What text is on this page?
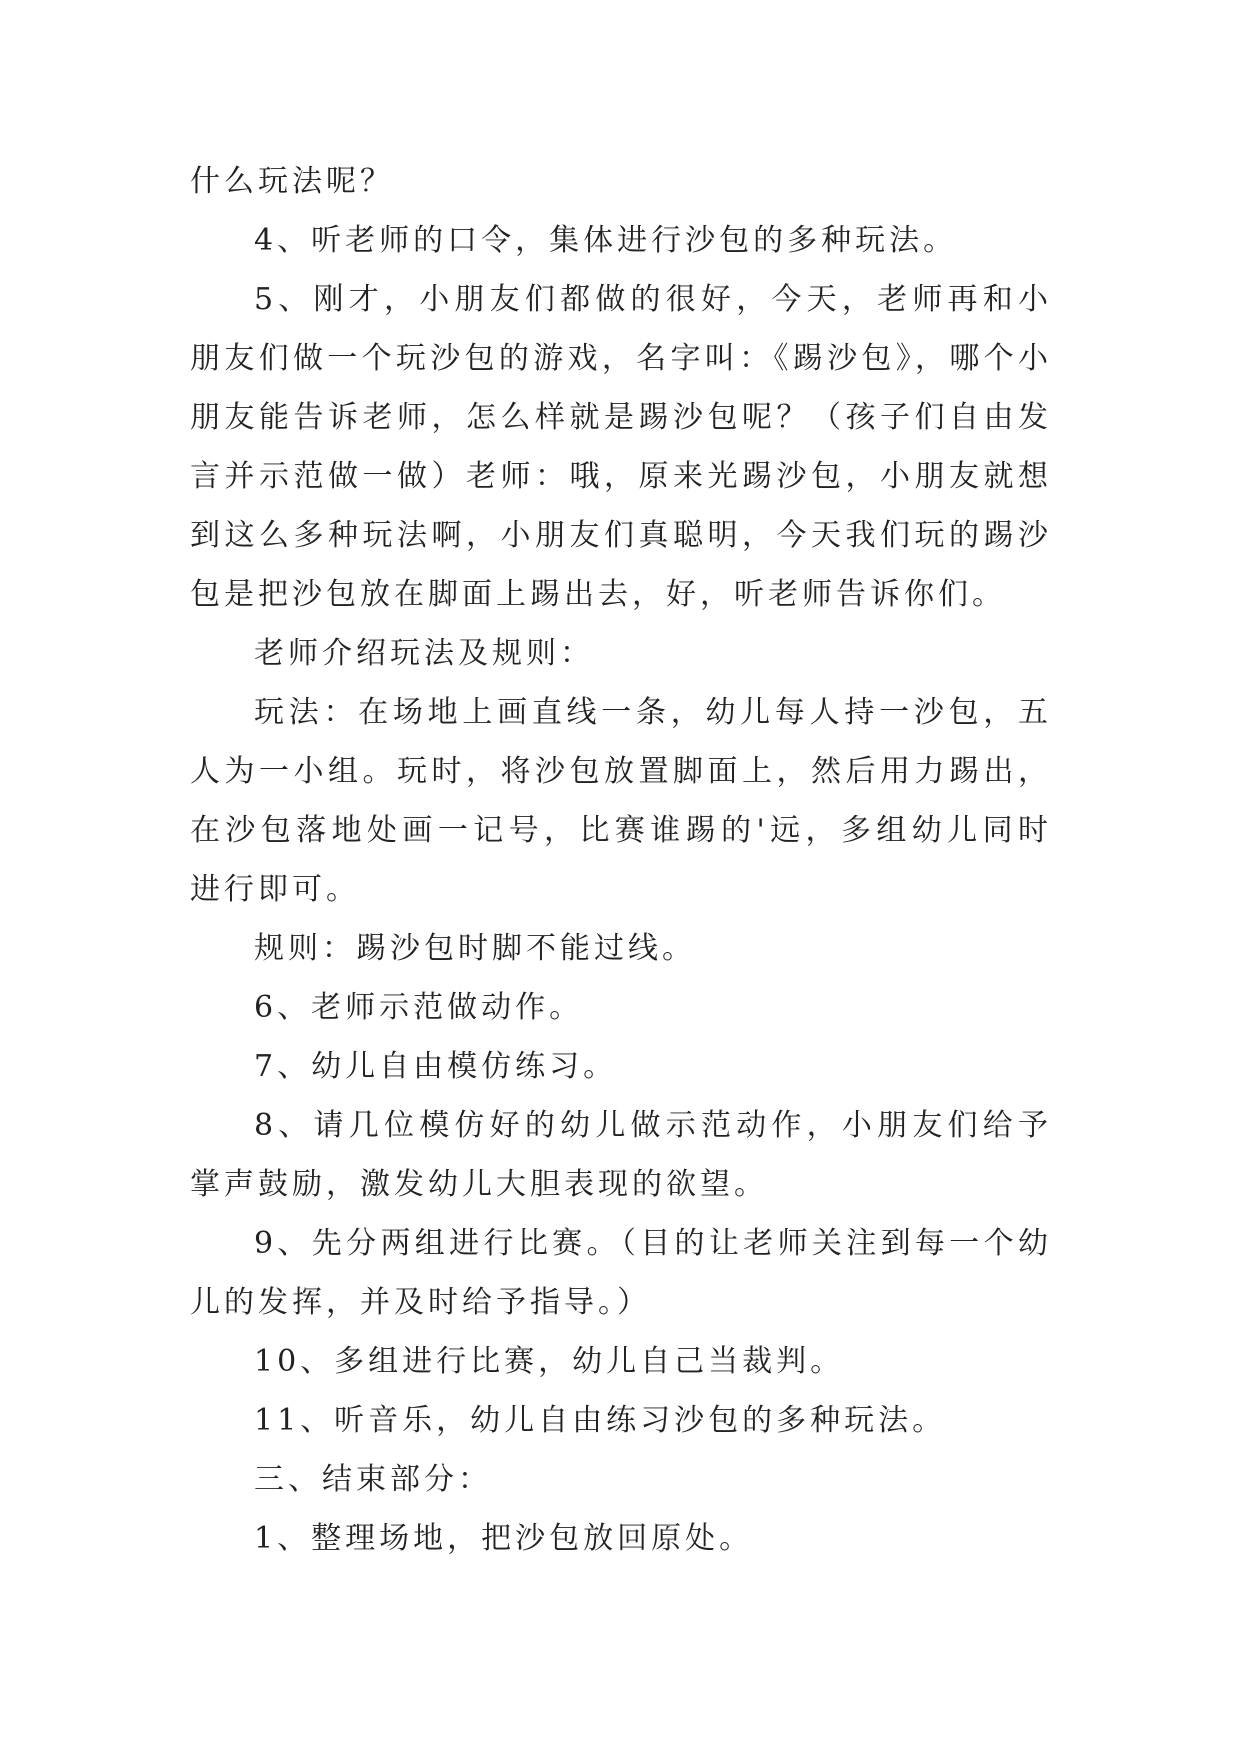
什么玩法呢？

4、听老师的口令，集体进行沙包的多种玩法。

5、刚才，小朋友们都做的很好，今天，老师再和小朋友们做一个玩沙包的游戏，名字叫：《踢沙包》，哪个小朋友能告诉老师，怎么样就是踢沙包呢？（孩子们自由发言并示范做一做）老师：哦，原来光踢沙包，小朋友就想到这么多种玩法啊，小朋友们真聪明，今天我们玩的踢沙包是把沙包放在脚面上踢出去，好，听老师告诉你们。

老师介绍玩法及规则：

玩法：在场地上画直线一条，幼儿每人持一沙包，五人为一小组。玩时，将沙包放置脚面上，然后用力踢出，在沙包落地处画一记号，比赛谁踢的'远，多组幼儿同时进行即可。

规则：踢沙包时脚不能过线。

6、老师示范做动作。

7、幼儿自由模仿练习。

8、请几位模仿好的幼儿做示范动作，小朋友们给予掌声鼓励，激发幼儿大胆表现的欲望。

9、先分两组进行比赛。（目的让老师关注到每一个幼儿的发挥，并及时给予指导。）

10、多组进行比赛，幼儿自己当裁判。

11、听音乐，幼儿自由练习沙包的多种玩法。

三、结束部分：

1、整理场地，把沙包放回原处。
